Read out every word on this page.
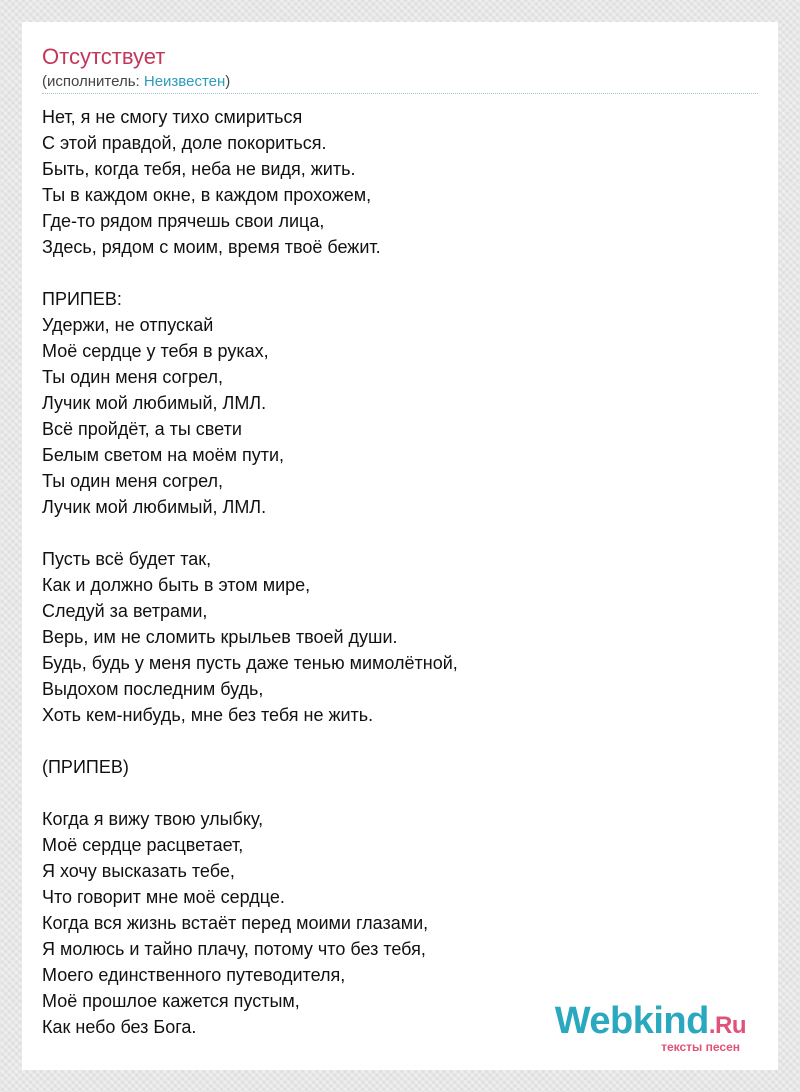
Отсутствует
(исполнитель: Неизвестен)
Нет, я не смогу тихо смириться
С этой правдой, доле покориться.
Быть, когда тебя, неба не видя, жить.
Ты в каждом окне, в каждом прохожем,
Где-то рядом прячешь свои лица,
Здесь, рядом с моим, время твоё бежит.
ПРИПЕВ:
Удержи, не отпускай
Моё сердце у тебя в руках,
Ты один меня согрел,
Лучик мой любимый, ЛМЛ.
Всё пройдёт, а ты свети
Белым светом на моём пути,
Ты один меня согрел,
Лучик мой любимый, ЛМЛ.
Пусть всё будет так,
Как и должно быть в этом мире,
Следуй за ветрами,
Верь, им не сломить крыльев твоей души.
Будь, будь у меня пусть даже тенью мимолётной,
Выдохом последним будь,
Хоть кем-нибудь, мне без тебя не жить.
(ПРИПЕВ)
Когда я вижу твою улыбку,
Моё сердце расцветает,
Я хочу высказать тебе,
Что говорит мне моё сердце.
Когда вся жизнь встаёт перед моими глазами,
Я молюсь и тайно плачу, потому что без тебя,
Моего единственного путеводителя,
Моё прошлое кажется пустым,
Как небо без Бога.	Webkind.Ru
тексты песен
